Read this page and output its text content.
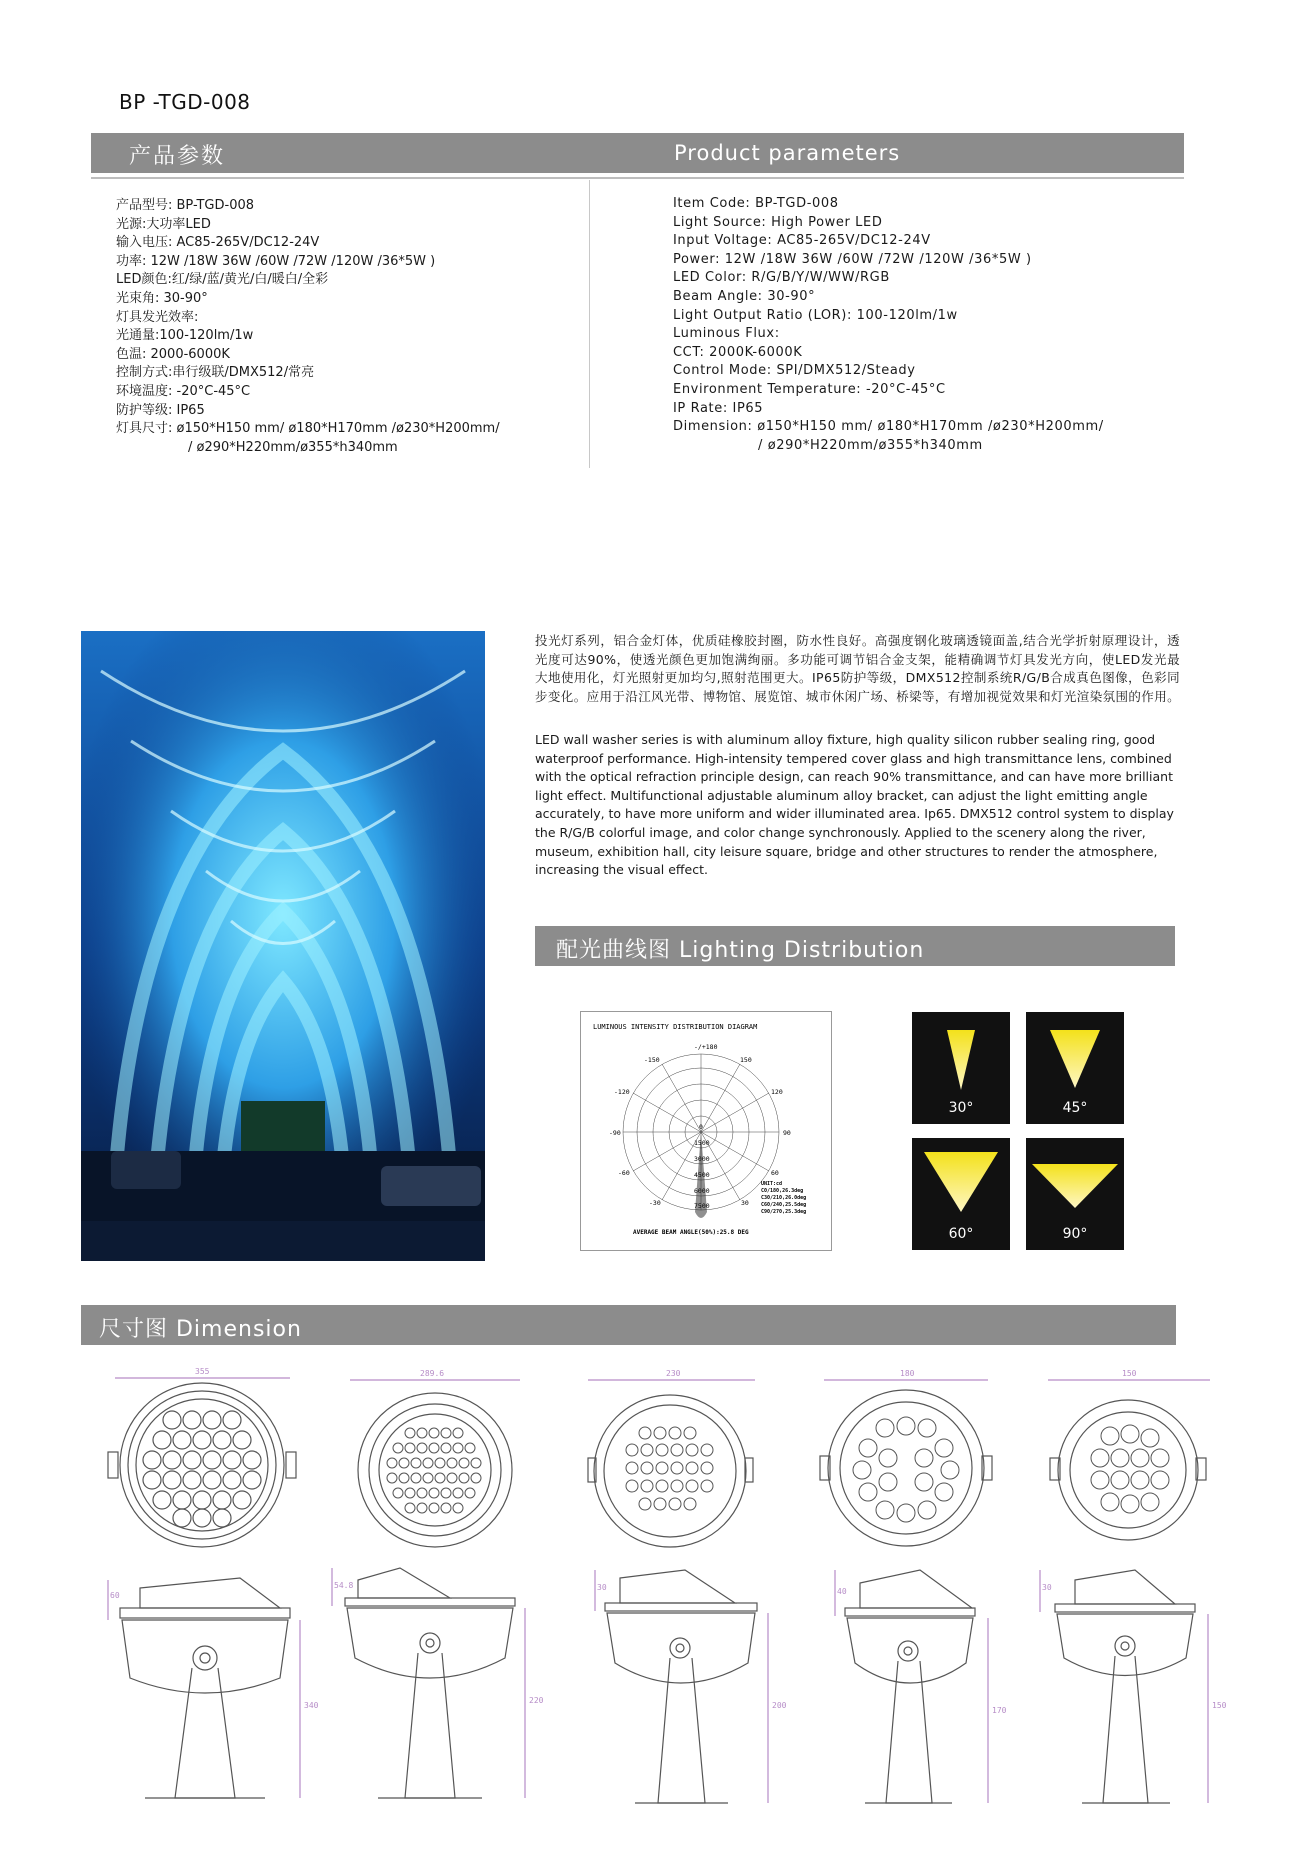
BP -TGD-008
产品参数	Product parameters
产品型号: BP-TGD-008
光源:大功率LED
输入电压: AC85-265V/DC12-24V
功率: 12W /18W 36W /60W /72W /120W /36*5W )
LED颜色:红/绿/蓝/黄光/白/暖白/全彩
光束角: 30-90°
灯具发光效率:
光通量:100-120lm/1w
色温: 2000-6000K
控制方式:串行级联/DMX512/常亮
环境温度: -20°C-45°C
防护等级: IP65
灯具尺寸: ø150*H150 mm/ ø180*H170mm /ø230*H200mm/
/ ø290*H220mm/ø355*h340mm
Item Code: BP-TGD-008
Light Source: High Power LED
Input Voltage: AC85-265V/DC12-24V
Power: 12W /18W 36W /60W /72W /120W /36*5W )
LED Color: R/G/B/Y/W/WW/RGB
Beam Angle: 30-90°
Light Output Ratio (LOR): 100-120lm/1w
Luminous Flux:
CCT: 2000K-6000K
Control Mode: SPI/DMX512/Steady
Environment Temperature: -20°C-45°C
IP Rate: IP65
Dimension: ø150*H150 mm/ ø180*H170mm /ø230*H200mm/
/ ø290*H220mm/ø355*h340mm
投光灯系列，铝合金灯体，优质硅橡胶封圈，防水性良好。高强度钢化玻璃透镜面盖,结合光学折射原理设计，透光度可达90%，使透光颜色更加饱满绚丽。多功能可调节铝合金支架，能精确调节灯具发光方向，使LED发光最大地使用化，灯光照射更加均匀,照射范围更大。IP65防护等级，DMX512控制系统R/G/B合成真色图像，色彩同步变化。应用于沿江风光带、博物馆、展览馆、城市休闲广场、桥梁等，有增加视觉效果和灯光渲染氛围的作用。
LED wall washer series is with aluminum alloy fixture, high quality silicon rubber sealing ring, good waterproof performance. High-intensity tempered cover glass and high transmittance lens, combined with the optical refraction principle design, can reach 90% transmittance, and can have more brilliant light effect. Multifunctional adjustable aluminum alloy bracket, can adjust the light emitting angle accurately, to have more uniform and wider illuminated area. Ip65. DMX512 control system to display the R/G/B colorful image, and color change synchronously. Applied to the scenery along the river, museum, exhibition hall, city leisure square, bridge and other structures to render the atmosphere, increasing the visual effect.
配光曲线图 Lighting Distribution
LUMINOUS INTENSITY DISTRIBUTION DIAGRAM
-/+180
-150	150
-120	120
-90	90
-60	60
-30	30
0
1500
3000
4500
6000
7500
UNIT:cd
C0/180,26.3deg
C30/210,26.0deg
C60/240,25.5deg
C90/270,25.3deg
AVERAGE BEAM ANGLE(50%):25.8 DEG
30°	45°
60°	90°
尺寸图 Dimension
355	289.6	230	180	150
60
340
54.8
220
30
200
40
170
30
150
